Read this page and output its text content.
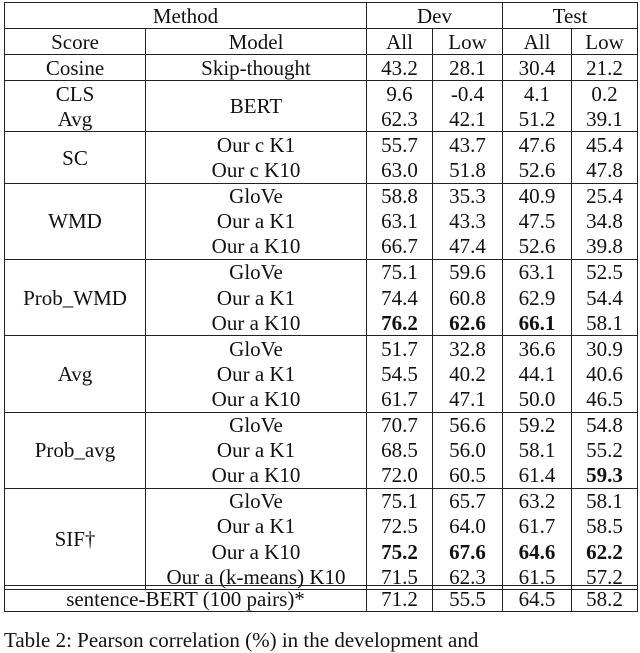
Method		Dev		Test	
Score	Model	All	Low	All	Low
Cosine	Skip-thought	43.2	28.1	30.4	21.2
CLS	BERT	9.6	-0.4	4.1	0.2
Avg		62.3	42.1	51.2	39.1
SC	Our c K1	55.7	43.7	47.6	45.4
	Our c K10	63.0	51.8	52.6	47.8
WMD	GloVe	58.8	35.3	40.9	25.4
	Our a K1	63.1	43.3	47.5	34.8
	Our a K10	66.7	47.4	52.6	39.8
Prob_WMD	GloVe	75.1	59.6	63.1	52.5
	Our a K1	74.4	60.8	62.9	54.4
	Our a K10	76.2	62.6	66.1	58.1
Avg	GloVe	51.7	32.8	36.6	30.9
	Our a K1	54.5	40.2	44.1	40.6
	Our a K10	61.7	47.1	50.0	46.5
Prob_avg	GloVe	70.7	56.6	59.2	54.8
	Our a K1	68.5	56.0	58.1	55.2
	Our a K10	72.0	60.5	61.4	59.3
SIF†	GloVe	75.1	65.7	63.2	58.1
	Our a K1	72.5	64.0	61.7	58.5
	Our a K10	75.2	67.6	64.6	62.2
	Our a (k-means) K10	71.5	62.3	61.5	57.2
sentence-BERT (100 pairs)*	71.2	55.5	64.5	58.2
Table 2: Pearson correlation (%) in the development and
